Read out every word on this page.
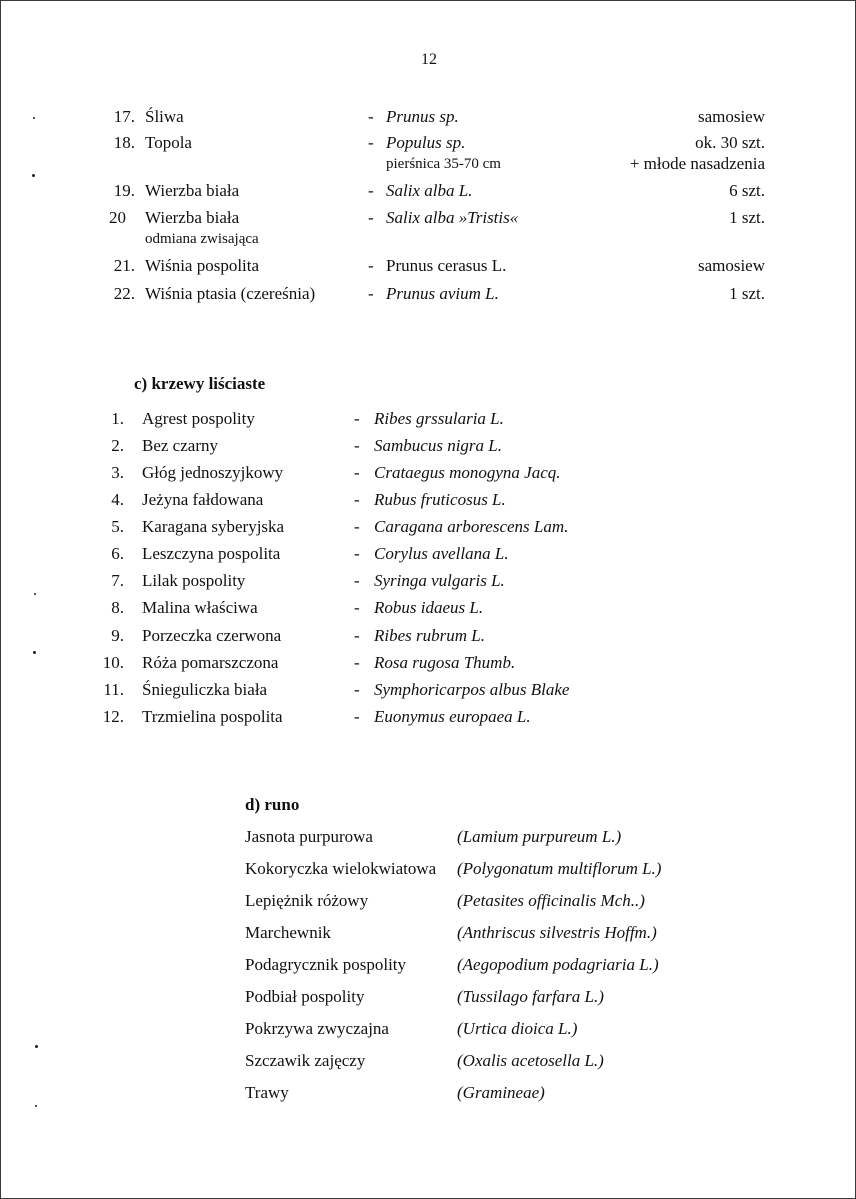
12
17. Śliwa	- Prunus sp.	samosiew
18. Topola	- Populus sp.	ok. 30 szt.
pierśnica 35-70 cm	+ młode nasadzenia
19. Wierzba biała	- Salix alba L.	6 szt.
20	Wierzba biała	- Salix alba »Tristis«	1 szt.
odmiana zwisająca
21. Wiśnia pospolita	- Prunus cerasus L.	samosiew
22. Wiśnia ptasia (czereśnia)	- Prunus avium L.	1 szt.
c) krzewy liściaste
1. Agrest pospolity	- Ribes grssularia L.
2. Bez czarny	- Sambucus nigra L.
3. Głóg jednoszyjkowy	- Crataegus monogyna Jacq.
4. Jeżyna fałdowana	- Rubus fruticosus L.
5. Karagana syberyjska	- Caragana arborescens Lam.
6. Leszczyna pospolita	- Corylus avellana L.
7. Lilak pospolity	- Syringa vulgaris L.
8. Malina właściwa	- Robus idaeus L.
9. Porzeczka czerwona	- Ribes rubrum L.
10. Róża pomarszczona	- Rosa rugosa Thumb.
11. Śnieguliczka biała	- Symphoricarpos albus Blake
12. Trzmielina pospolita	- Euonymus europaea L.
d) runo
Jasnota purpurowa	(Lamium purpureum L.)
Kokoryczka wielokwiatowa (Polygonatum multiflorum L.)
Lepiężnik różowy	(Petasites officinalis Mch..)
Marchewnik	(Anthriscus silvestris Hoffm.)
Podagrycznik pospolity	(Aegopodium podagriaria L.)
Podbiał pospolity	(Tussilago farfara L.)
Pokrzywa zwyczajna	(Urtica dioica L.)
Szczawik zajęczy	(Oxalis acetosella L.)
Trawy	(Gramineae)
